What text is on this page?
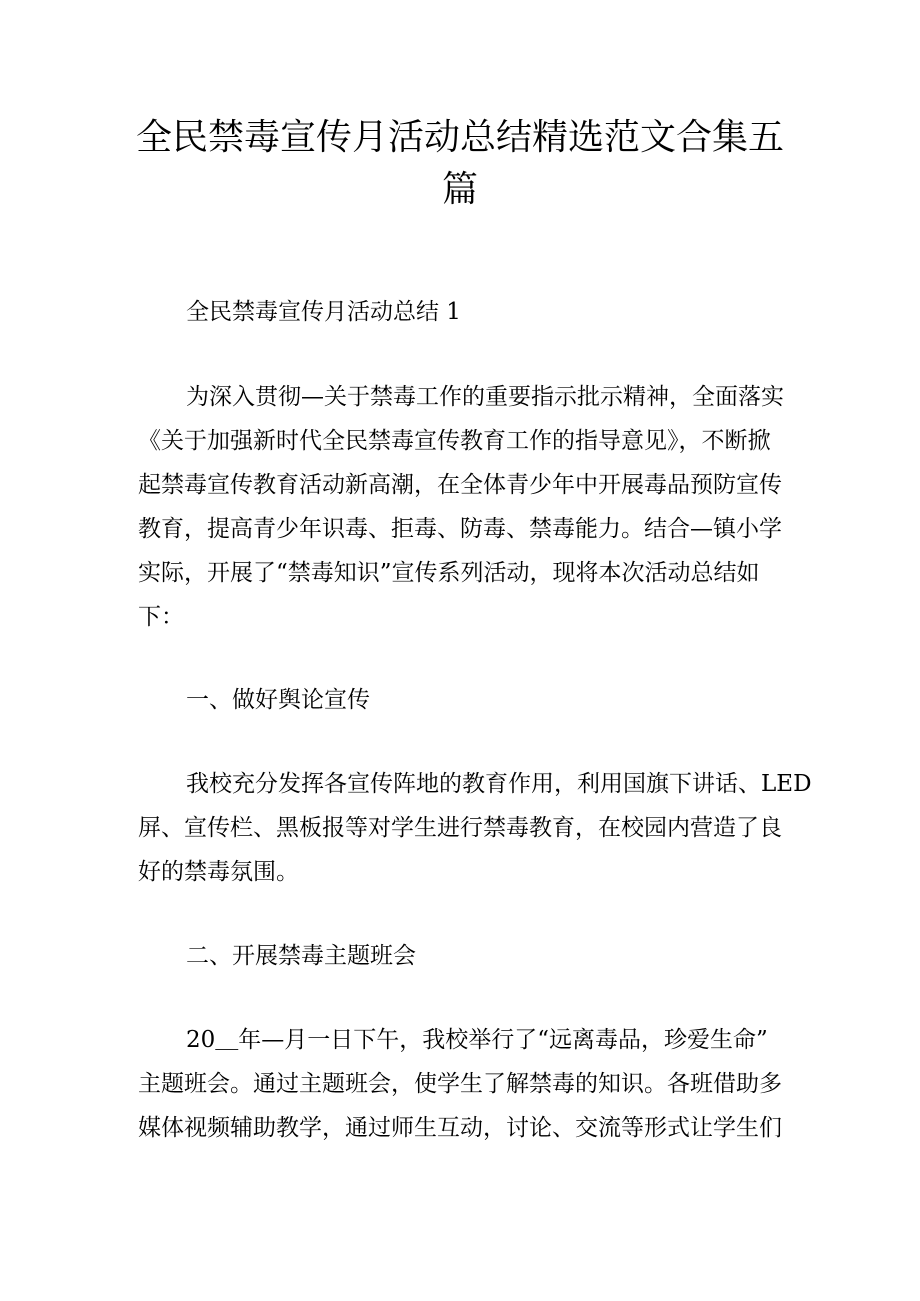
全民禁毒宣传月活动总结精选范文合集五
篇

全民禁毒宣传月活动总结 1

为深入贯彻—关于禁毒工作的重要指示批示精神，全面落实
《关于加强新时代全民禁毒宣传教育工作的指导意见》，不断掀
起禁毒宣传教育活动新高潮，在全体青少年中开展毒品预防宣传
教育，提高青少年识毒、拒毒、防毒、禁毒能力。结合—镇小学
实际，开展了“禁毒知识”宣传系列活动，现将本次活动总结如
下：

一、做好舆论宣传

我校充分发挥各宣传阵地的教育作用，利用国旗下讲话、LED
屏、宣传栏、黑板报等对学生进行禁毒教育，在校园内营造了良
好的禁毒氛围。

二、开展禁毒主题班会

20＿年—月一日下午，我校举行了“远离毒品，珍爱生命”
主题班会。通过主题班会，使学生了解禁毒的知识。各班借助多
媒体视频辅助教学，通过师生互动，讨论、交流等形式让学生们
